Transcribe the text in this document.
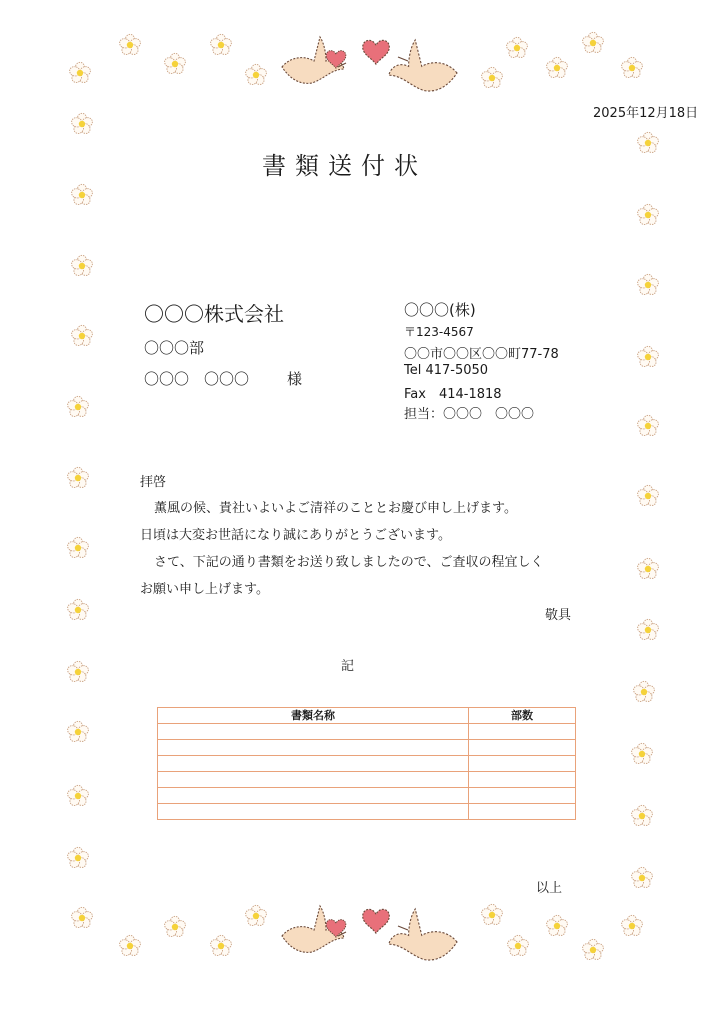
2025年12月18日
書類送付状
〇〇〇株式会社
〇〇〇部
〇〇〇　〇〇〇	様
〇〇〇(株)
〒123-4567
〇〇市〇〇区〇〇町77-78
Tel 417-5050
Fax　414-1818
担当：〇〇〇　〇〇〇
拝啓
薫風の候、貴社いよいよご清祥のこととお慶び申し上げます。
日頃は大変お世話になり誠にありがとうございます。
さて、下記の通り書類をお送り致しましたので、ご査収の程宜しく
お願い申し上げます。
敬具
記
書類名称	部数

以上
